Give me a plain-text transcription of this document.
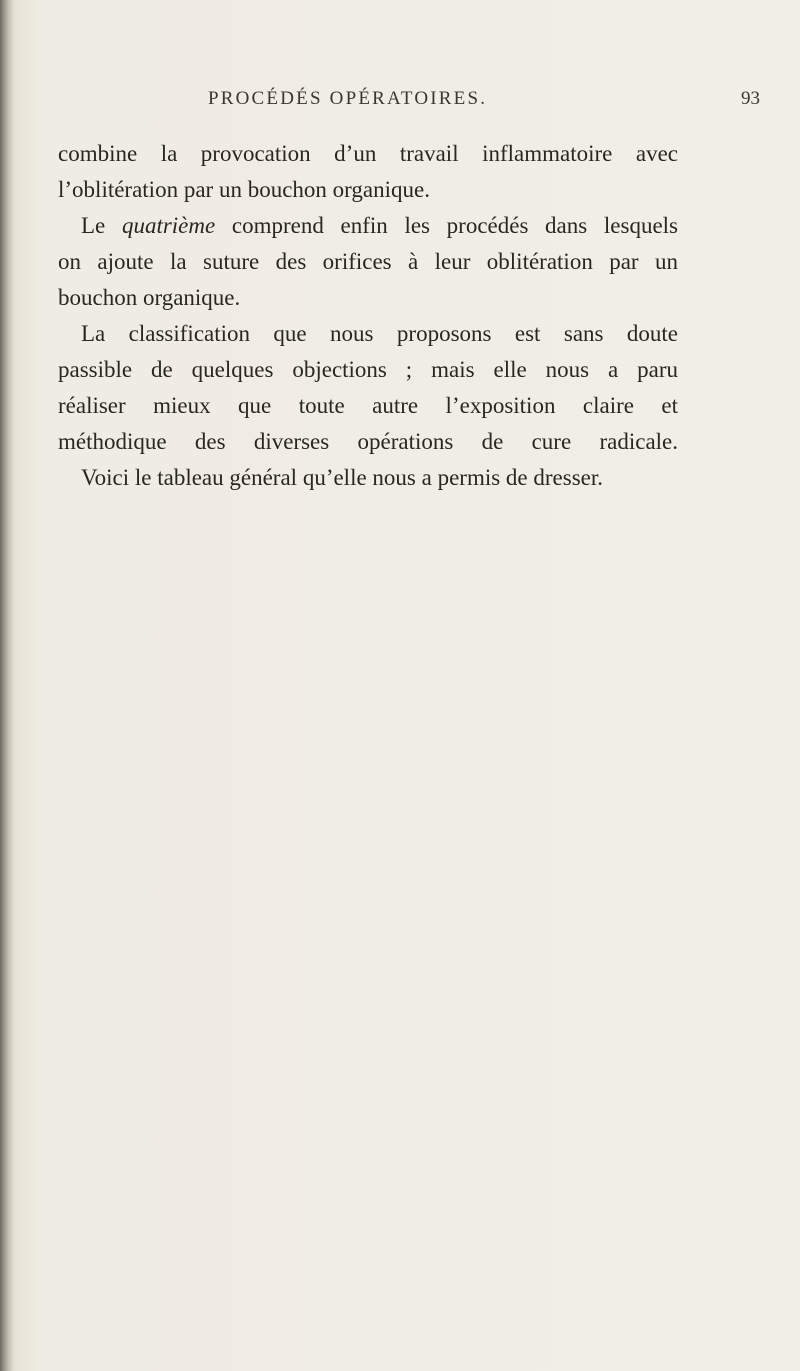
PROCÉDÉS OPÉRATOIRES.	93
combine la provocation d’un travail inflammatoire avec
l’oblitération par un bouchon organique.
Le quatrième comprend enfin les procédés dans lesquels
on ajoute la suture des orifices à leur oblitération par un
bouchon organique.
La classification que nous proposons est sans doute
passible de quelques objections ; mais elle nous a paru
réaliser mieux que toute autre l’exposition claire et
méthodique des diverses opérations de cure radicale.
Voici le tableau général qu’elle nous a permis de dresser.
